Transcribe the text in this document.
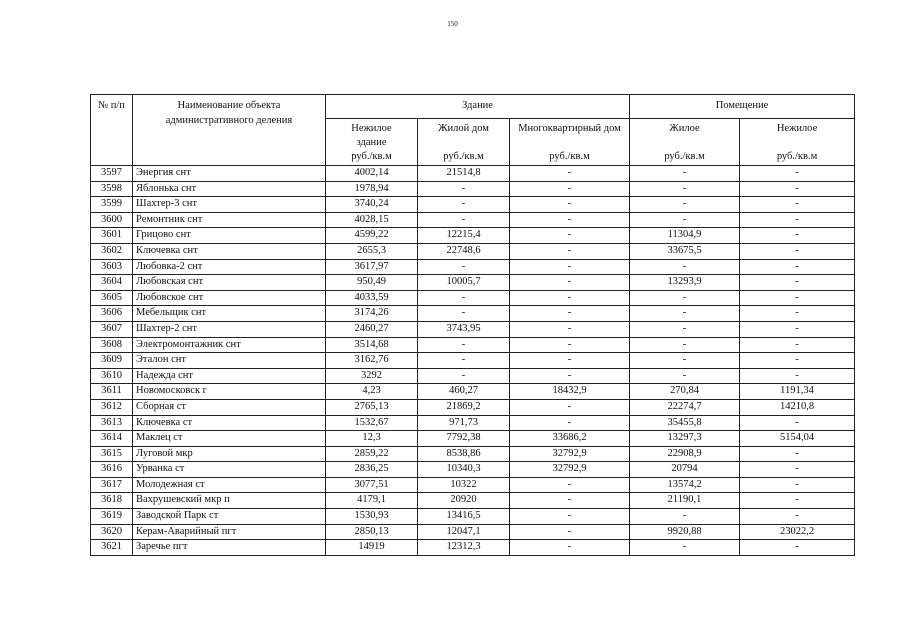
150
№ п/п	Наименование объекта административного деления	Здание			Помещение	
		Нежилое здание	Жилой дом	Многоквартирный дом	Жилое	Нежилое
		руб./кв.м	руб./кв.м	руб./кв.м	руб./кв.м	руб./кв.м
3597	Энергия снт	4002,14	21514,8	-	-	-
3598	Яблонька снт	1978,94	-	-	-	-
3599	Шахтер-3 снт	3740,24	-	-	-	-
3600	Ремонтник снт	4028,15	-	-	-	-
3601	Грицово снт	4599,22	12215,4	-	11304,9	-
3602	Ключевка снт	2655,3	22748,6	-	33675,5	-
3603	Любовка-2 снт	3617,97	-	-	-	-
3604	Любовская снт	950,49	10005,7	-	13293,9	-
3605	Любовское снт	4033,59	-	-	-	-
3606	Мебельщик снт	3174,26	-	-	-	-
3607	Шахтер-2 снт	2460,27	3743,95	-	-	-
3608	Электромонтажник снт	3514,68	-	-	-	-
3609	Эталон снт	3162,76	-	-	-	-
3610	Надежда снт	3292	-	-	-	-
3611	Новомосковск г	4,23	460,27	18432,9	270,84	1191,34
3612	Сборная ст	2765,13	21869,2	-	22274,7	14210,8
3613	Ключевка ст	1532,67	971,73	-	35455,8	-
3614	Маклец ст	12,3	7792,38	33686,2	13297,3	5154,04
3615	Луговой мкр	2859,22	8538,86	32792,9	22908,9	-
3616	Урванка ст	2836,25	10340,3	32792,9	20794	-
3617	Молодежная ст	3077,51	10322	-	13574,2	-
3618	Вахрушевский мкр п	4179,1	20920	-	21190,1	-
3619	Заводской Парк ст	1530,93	13416,5	-	-	-
3620	Керам-Аварийный пгт	2850,13	12047,1	-	9920,88	23022,2
3621	Заречье пгт	14919	12312,3	-	-	-
